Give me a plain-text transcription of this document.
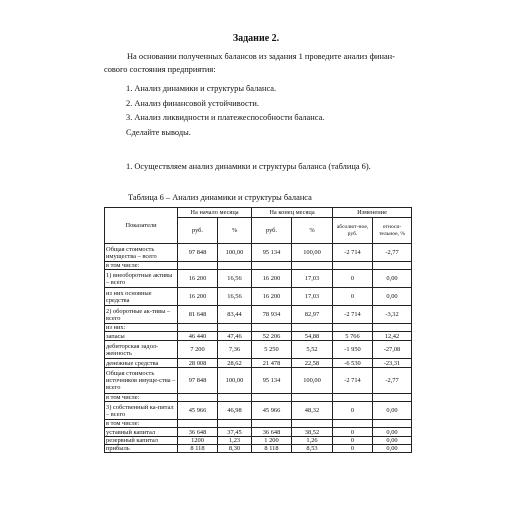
Задание 2.
На основании полученных балансов из задания 1 проведите анализ финан-
сового состояния предприятия:
1. Анализ динамики и структуры баланса.
2. Анализ финансовой устойчивости.
3. Анализ ликвидности и платежеспособности баланса.
Сделайте выводы.
1. Осуществляем анализ динамики и структуры баланса (таблица 6).
Таблица 6 – Анализ динамики и структуры баланса
Показатели	На начало месяца		На конец месяца		Изменение	
	руб.	%	руб.	%	абсолют-ное, руб.	относи-тельное, %
Общая стоимость имущества – всего	97 848	100,00	95 134	100,00	-2 714	-2,77
в том числе:						
1) внеоборотные активы – всего	16 200	16,56	16 200	17,03	0	0,00
из них основные средства	16 200	16,56	16 200	17,03	0	0,00
2) оборотные ак-тивы – всего	81 648	83,44	78 934	82,97	-2 714	-3,32
из них:						
запасы	46 440	47,46	52 206	54,88	5 766	12,42
дебиторская задол-женность	7 200	7,36	5 250	5,52	-1 950	-27,08
денежные средства	28 008	28,62	21 478	22,58	-6 530	-23,31
Общая стоимость источников имуще-ства – всего	97 848	100,00	95 134	100,00	-2 714	-2,77
в том числе:						
3) собственный ка-питал – всего	45 966	46,98	45 966	48,32	0	0,00
в том числе:						
уставный капитал	36 648	37,45	36 648	38,52	0	0,00
резервный капитал	1200	1,23	1 200	1,26	0	0,00
прибыль	8 118	8,30	8 118	8,53	0	0,00
